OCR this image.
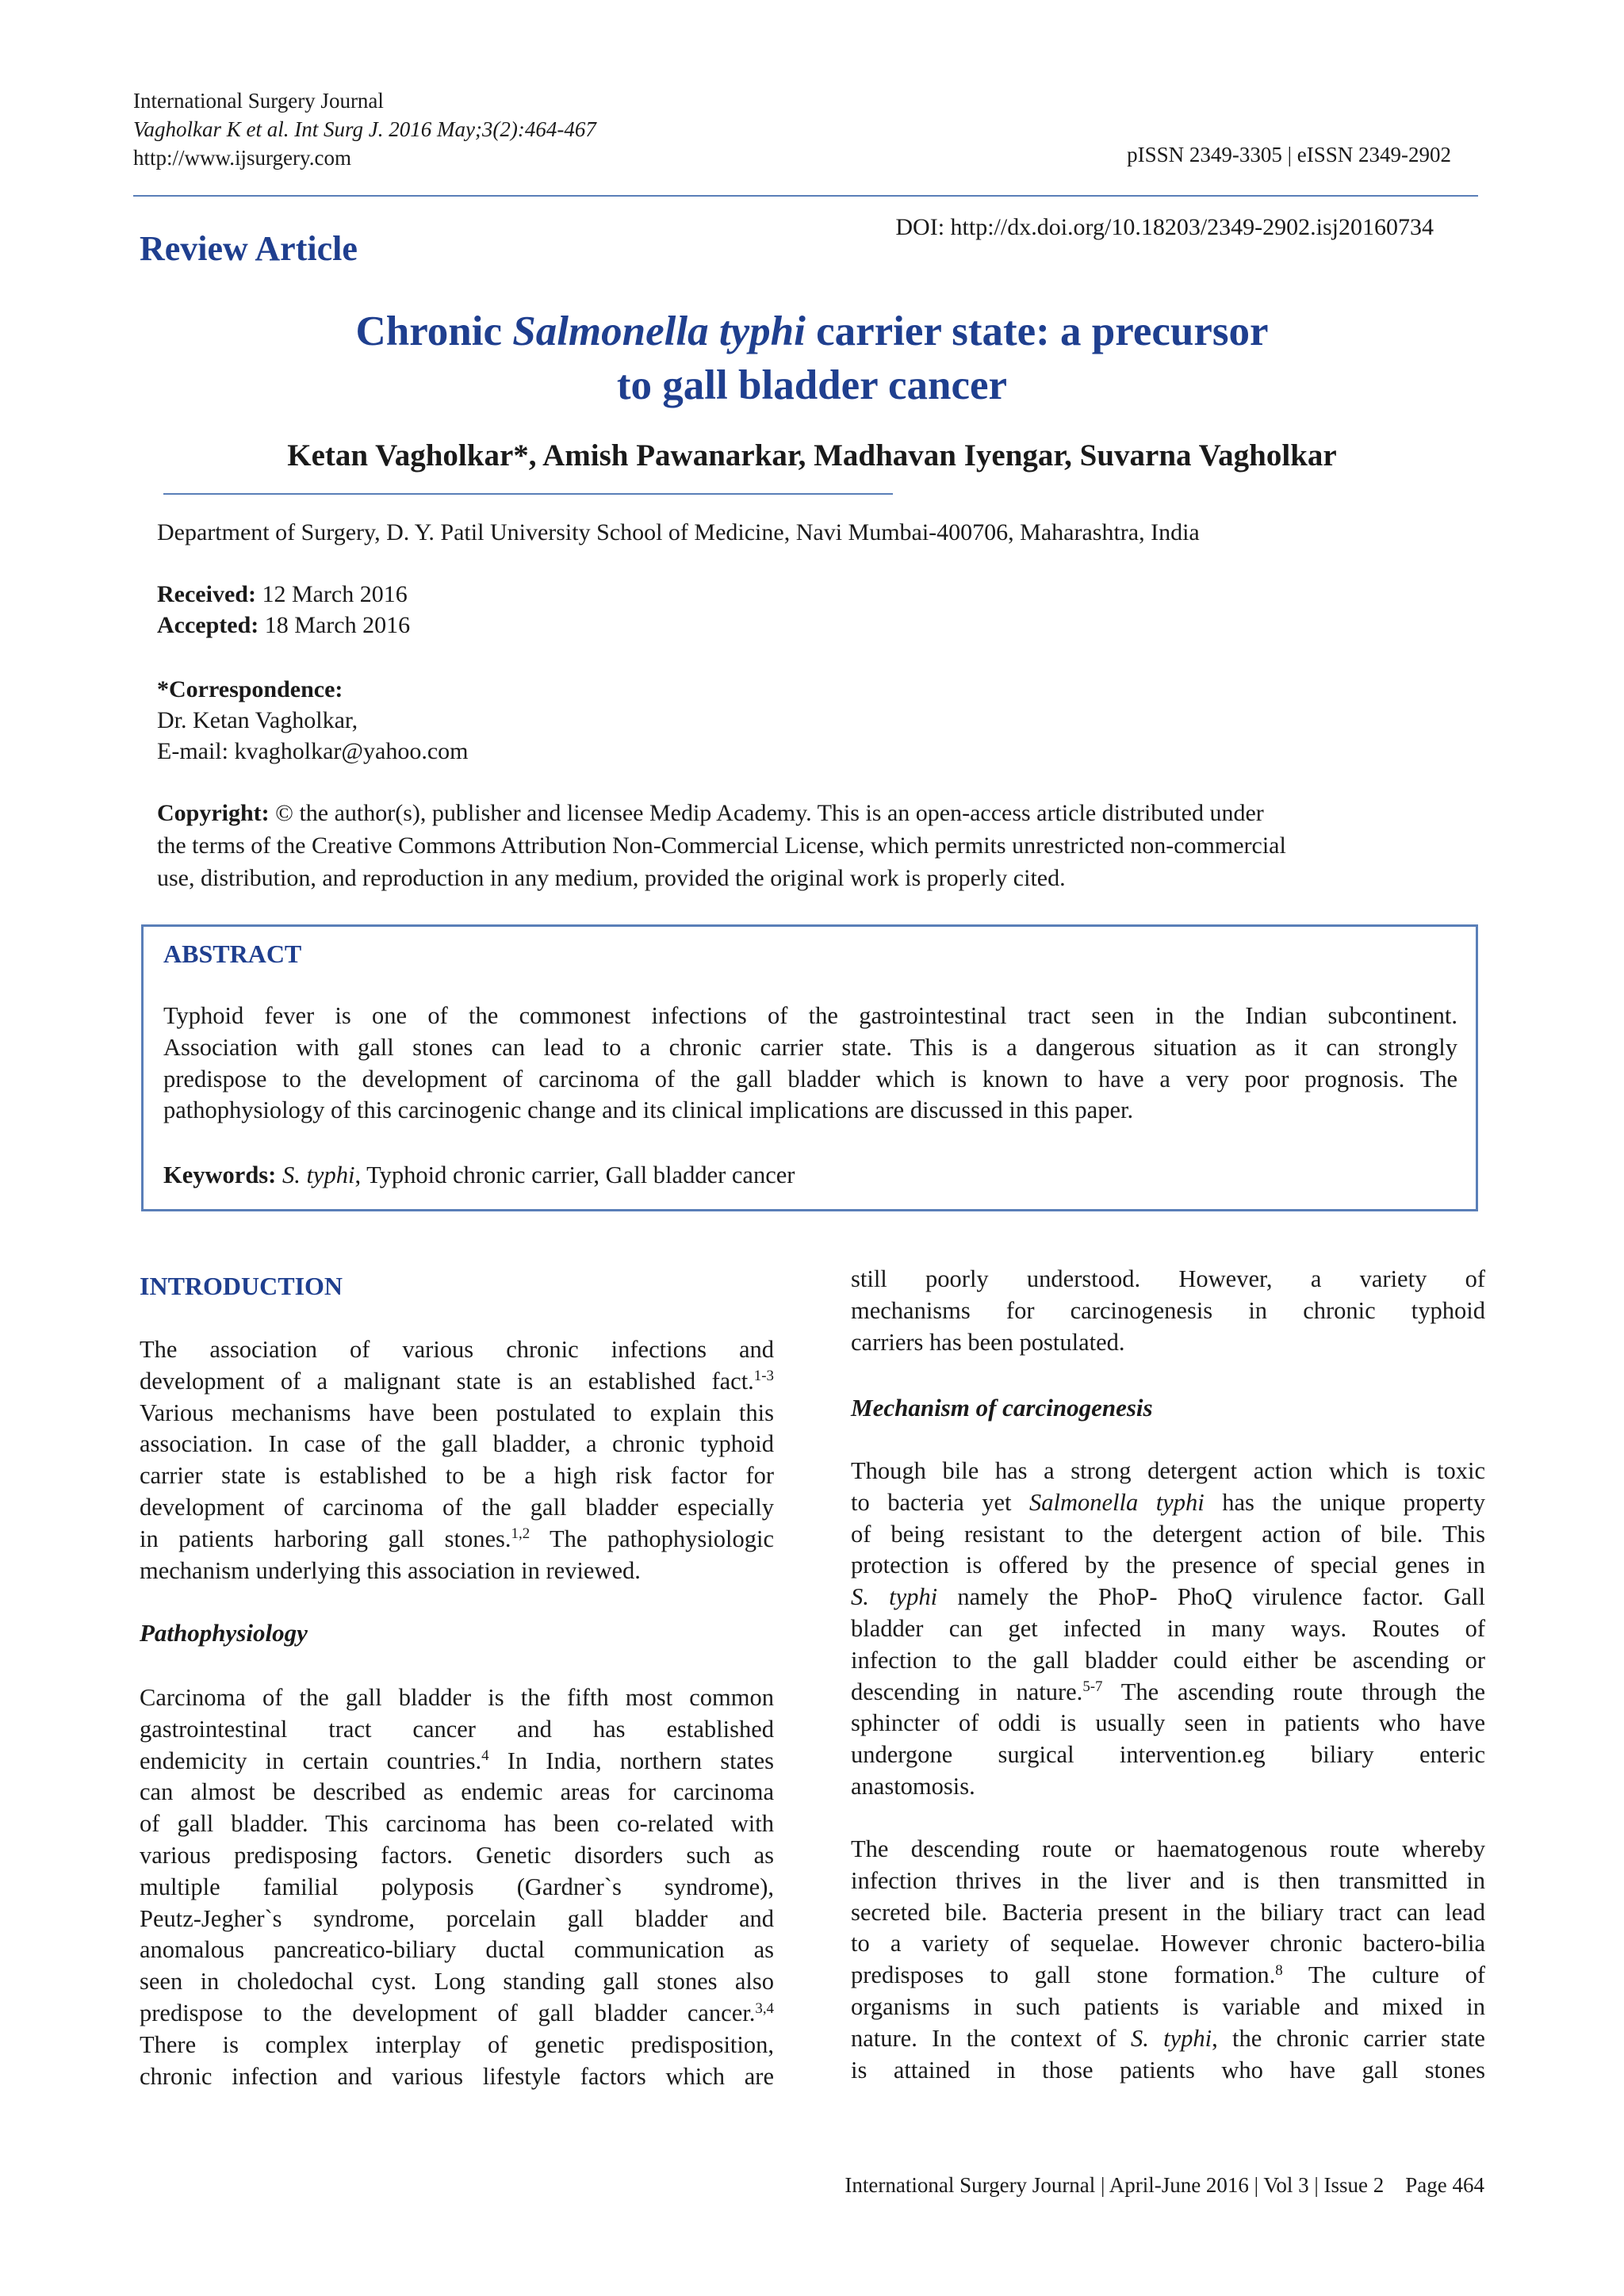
International Surgery Journal
Vagholkar K et al. Int Surg J. 2016 May;3(2):464-467
http://www.ijsurgery.com	pISSN 2349-3305 | eISSN 2349-2902
Review Article
DOI: http://dx.doi.org/10.18203/2349-2902.isj20160734
Chronic Salmonella typhi carrier state: a precursor
to gall bladder cancer
Ketan Vagholkar*, Amish Pawanarkar, Madhavan Iyengar, Suvarna Vagholkar
Department of Surgery, D. Y. Patil University School of Medicine, Navi Mumbai-400706, Maharashtra, India
Received: 12 March 2016
Accepted: 18 March 2016
*Correspondence:
Dr. Ketan Vagholkar,
E-mail: kvagholkar@yahoo.com
Copyright: © the author(s), publisher and licensee Medip Academy. This is an open-access article distributed under
the terms of the Creative Commons Attribution Non-Commercial License, which permits unrestricted non-commercial
use, distribution, and reproduction in any medium, provided the original work is properly cited.
ABSTRACT
Typhoid fever is one of the commonest infections of the gastrointestinal tract seen in the Indian subcontinent.
Association with gall stones can lead to a chronic carrier state. This is a dangerous situation as it can strongly
predispose to the development of carcinoma of the gall bladder which is known to have a very poor prognosis. The
pathophysiology of this carcinogenic change and its clinical implications are discussed in this paper.
Keywords: S. typhi, Typhoid chronic carrier, Gall bladder cancer
INTRODUCTION
The association of various chronic infections and
development of a malignant state is an established fact.$^{1-3}$
Various mechanisms have been postulated to explain this
association. In case of the gall bladder, a chronic typhoid
carrier state is established to be a high risk factor for
development of carcinoma of the gall bladder especially
in patients harboring gall stones.$^{1,2}$ The pathophysiologic
mechanism underlying this association in reviewed.
Pathophysiology
Carcinoma of the gall bladder is the fifth most common
gastrointestinal tract cancer and has established
endemicity in certain countries.$^4$ In India, northern states
can almost be described as endemic areas for carcinoma
of gall bladder. This carcinoma has been co-related with
various predisposing factors. Genetic disorders such as
multiple familial polyposis (Gardner`s syndrome),
Peutz-Jegher`s syndrome, porcelain gall bladder and
anomalous pancreatico-biliary ductal communication as
seen in choledochal cyst. Long standing gall stones also
predispose to the development of gall bladder cancer.$^{3,4}$
There is complex interplay of genetic predisposition,
chronic infection and various lifestyle factors which are
still poorly understood. However, a variety of
mechanisms for carcinogenesis in chronic typhoid
carriers has been postulated.
Mechanism of carcinogenesis
Though bile has a strong detergent action which is toxic
to bacteria yet Salmonella typhi has the unique property
of being resistant to the detergent action of bile. This
protection is offered by the presence of special genes in
S. typhi namely the PhoP- PhoQ virulence factor. Gall
bladder can get infected in many ways. Routes of
infection to the gall bladder could either be ascending or
descending in nature.$^{5-7}$ The ascending route through the
sphincter of oddi is usually seen in patients who have
undergone surgical intervention.eg biliary enteric
anastomosis.
The descending route or haematogenous route whereby
infection thrives in the liver and is then transmitted in
secreted bile. Bacteria present in the biliary tract can lead
to a variety of sequelae. However chronic bactero-bilia
predisposes to gall stone formation.$^8$ The culture of
organisms in such patients is variable and mixed in
nature. In the context of S. typhi, the chronic carrier state
is attained in those patients who have gall stones
International Surgery Journal | April-June 2016 | Vol 3 | Issue 2    Page 464
